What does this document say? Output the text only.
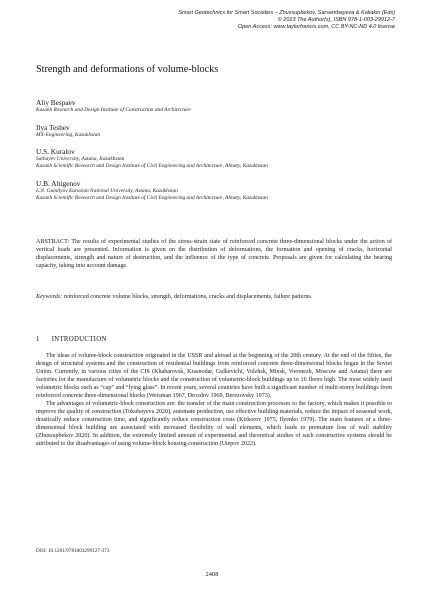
Smart Geotechnics for Smart Societies – Zhussupbekov, Sarsembayeva & Kaliakin (Eds)
© 2023 The Author(s), ISBN 978-1-003-29912-7
Open Access: www.taylorfrancis.com, CC BY-NC-ND 4.0 license
Strength and deformations of volume-blocks
Aliy Bespaev
Kazakh Research and Design Institute of Construction and Architecture
Ilya Teshev
MX-Engineering, Kazakhstan
U.S. Kuralov
Satbayev University, Astana, Kazakhstan
Kazakh Scientific Research and Design Institute of Civil Engineering and Architecture, Almaty, Kazakhstan
U.B. Altigenov
L.N. Gumilyov Eurasian National University, Astana, Kazakhstan
Kazakh Scientific Research and Design Institute of Civil Engineering and Architecture, Almaty, Kazakhstan

ABSTRACT: The results of experimental studies of the stress-strain state of reinforced concrete three-dimensional blocks under the action of vertical loads are presented. Information is given on the distribution of deformations, the formation and opening of cracks, horizontal displacements, strength and nature of destruction, and the influence of the type of concrete. Proposals are given for calculating the bearing capacity, taking into account damage.

Keywords: reinforced concrete volume blocks, strength, deformations, cracks and displacements, failure patterns.

1 INTRODUCTION

The ideas of volume-block construction originated in the USSR and abroad at the beginning of the 20th century. At the end of the fifties, the design of structural systems and the construction of residential buildings from reinforced concrete three-dimensional blocks began in the Soviet Union. Currently, in various cities of the CIS (Khabarovsk, Krasnodar, Gulkevichi, Volzhsk, Minsk, Voronezh, Moscow and Astana) there are factories for the manufacture of volumetric blocks and the construction of volumetric-block buildings up to 16 floors high. The most widely used volumetric blocks such as “cap” and “lying glass”. In recent years, several countries have built a significant number of multi-storey buildings from reinforced concrete three-dimensional blocks (Weisman 1967, Drozdov 1969, Berezovsky 1973).

The advantages of volumetric-block construction are: the transfer of the main construction processes to the factory, which makes it possible to improve the quality of construction (Tokubayeva 2020), automate production, use effective building materials, reduce the impact of seasonal work, drastically reduce construction time, and significantly reduce construction costs (Kirkorov 1975, Ilyenko 1979). The main features of a three-dimensional block building are associated with increased flexibility of wall elements, which leads to premature loss of wall stability (Zhussupbekov 2020). In addition, the extremely limited amount of experimental and theoretical studies of such constructive systems should be attributed to the disadvantages of using volume-block housing construction (Utepov 2022).

DOI: 10.1201/9781003299127-373
2408
